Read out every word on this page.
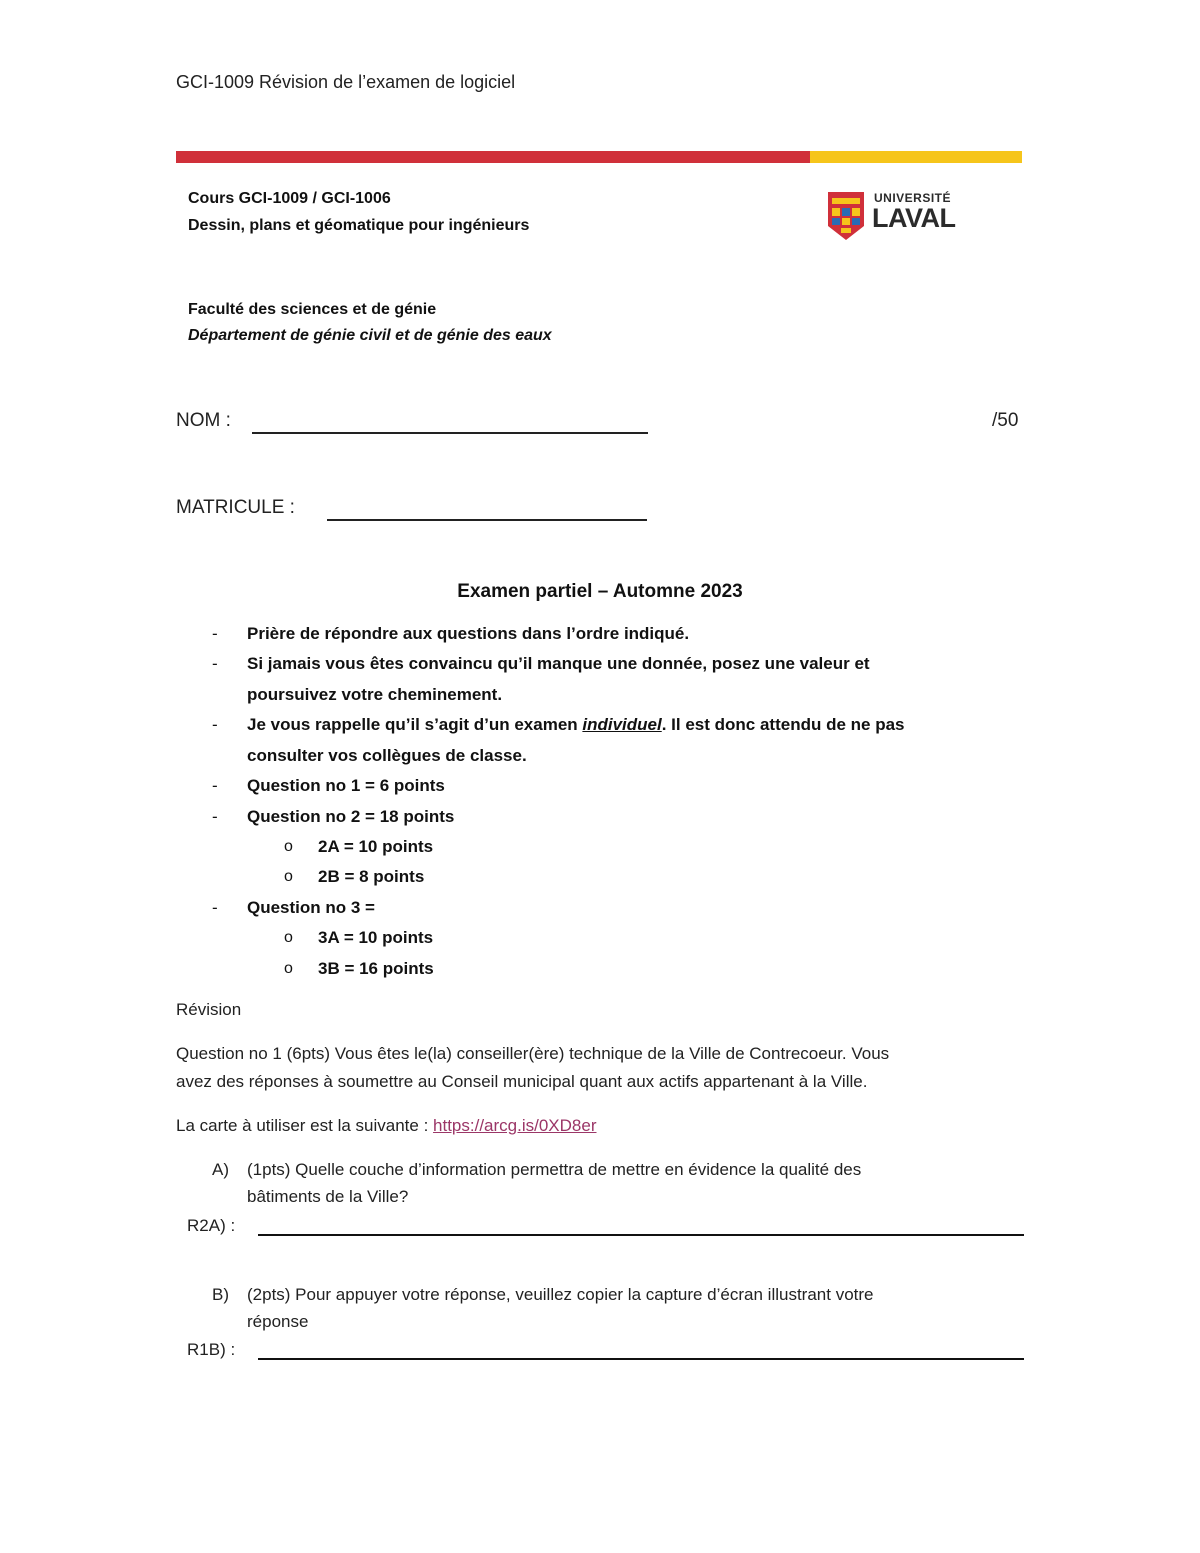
GCI-1009 Révision de l’examen de logiciel
Cours GCI-1009 / GCI-1006
Dessin, plans et géomatique pour ingénieurs
Faculté des sciences et de génie
Département de génie civil et de génie des eaux
UNIVERSITÉ
LAVAL
NOM :	/50
MATRICULE :
Examen partiel – Automne 2023
- Prière de répondre aux questions dans l’ordre indiqué.
- Si jamais vous êtes convaincu qu’il manque une donnée, posez une valeur et
poursuivez votre cheminement.
- Je vous rappelle qu’il s’agit d’un examen individuel. Il est donc attendu de ne pas
consulter vos collègues de classe.
- Question no 1 = 6 points
- Question no 2 = 18 points
o 2A = 10 points
o 2B = 8 points
- Question no 3 =
o 3A = 10 points
o 3B = 16 points
Révision
Question no 1 (6pts) Vous êtes le(la) conseiller(ère) technique de la Ville de Contrecoeur. Vous
avez des réponses à soumettre au Conseil municipal quant aux actifs appartenant à la Ville.
La carte à utiliser est la suivante : https://arcg.is/0XD8er
A) (1pts) Quelle couche d’information permettra de mettre en évidence la qualité des
bâtiments de la Ville?
R2A) :
B) (2pts) Pour appuyer votre réponse, veuillez copier la capture d’écran illustrant votre
réponse
R1B) :
